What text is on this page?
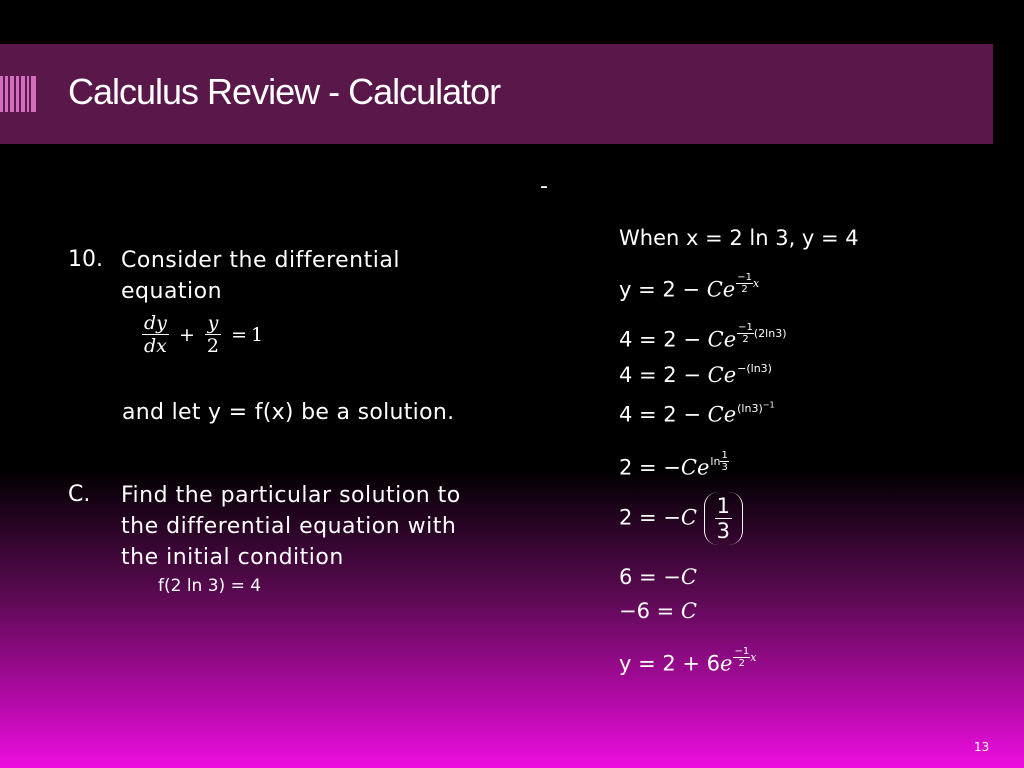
Calculus Review - Calculator
-
10. Consider the differential equation
$\frac{dy}{dx} + \frac{y}{2} = 1$
and let y = f(x) be a solution.
C. Find the particular solution to the differential equation with the initial condition
f(2 ln 3) = 4
When x = 2 ln 3, y = 4
y = 2 − Ce $^{\frac{-1}{2} x}$
4 = 2 − Ce $^{\frac{-1}{2} (2ln3)}$
$4 = 2 - Ce^{-(ln3)}$
$4 = 2 - Ce^{(ln3)^{-1}}$
$2 = -Ce^{ln \frac{1}{3}}$
$2 = -C \frac{1}{3}$
6 = −C
−6 = C
y = 2 + 6e $^{\frac{-1}{2} x}$
13
